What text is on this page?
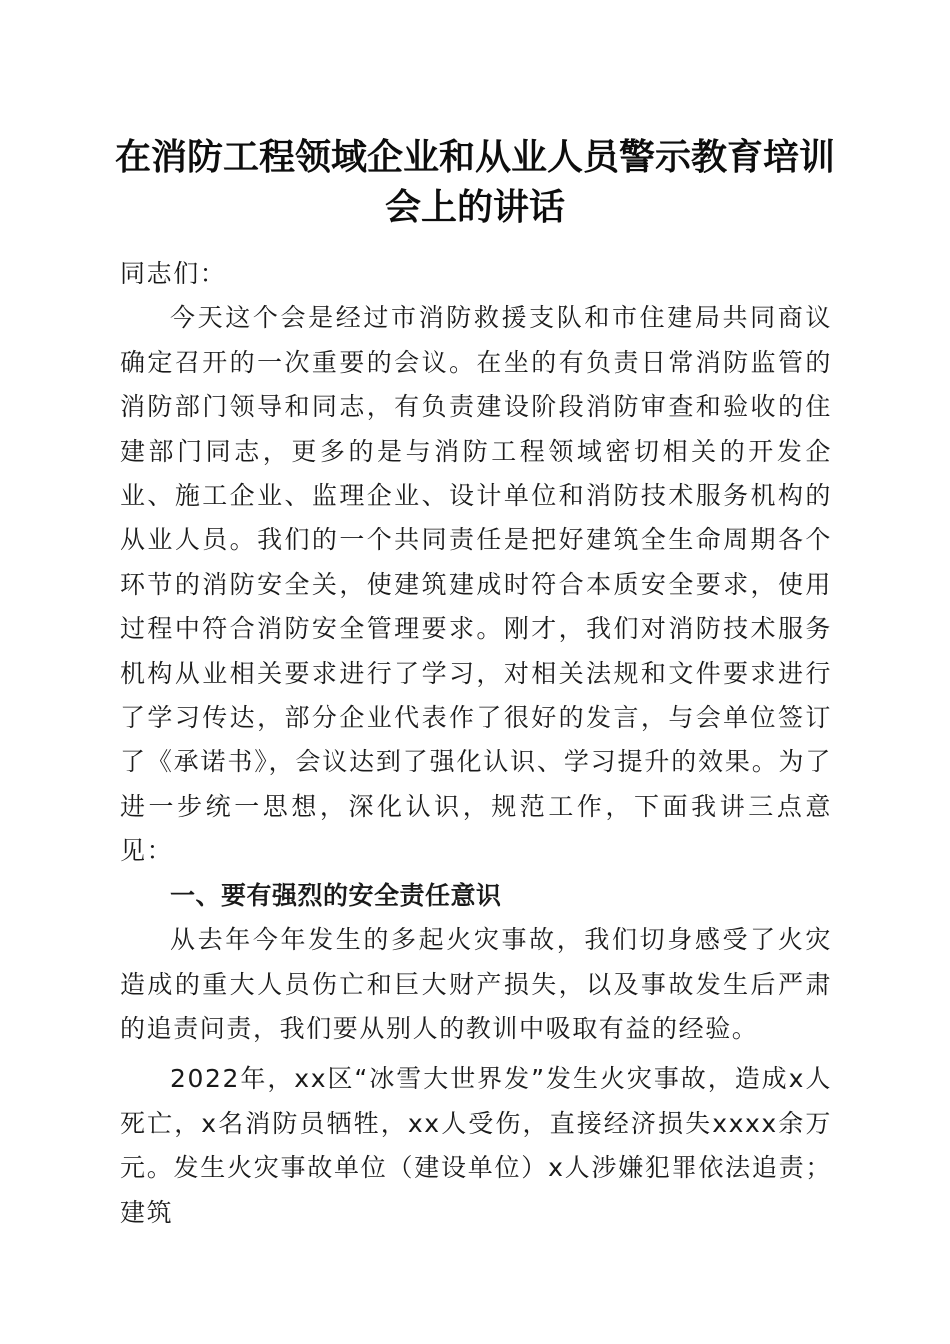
在消防工程领域企业和从业人员警示教育培训
会上的讲话

同志们：

今天这个会是经过市消防救援支队和市住建局共同商议确定召开的一次重要的会议。在坐的有负责日常消防监管的消防部门领导和同志，有负责建设阶段消防审查和验收的住建部门同志，更多的是与消防工程领域密切相关的开发企业、施工企业、监理企业、设计单位和消防技术服务机构的从业人员。我们的一个共同责任是把好建筑全生命周期各个环节的消防安全关，使建筑建成时符合本质安全要求，使用过程中符合消防安全管理要求。刚才，我们对消防技术服务机构从业相关要求进行了学习，对相关法规和文件要求进行了学习传达，部分企业代表作了很好的发言，与会单位签订了《承诺书》，会议达到了强化认识、学习提升的效果。为了进一步统一思想，深化认识，规范工作，下面我讲三点意见：

一、要有强烈的安全责任意识

从去年今年发生的多起火灾事故，我们切身感受了火灾造成的重大人员伤亡和巨大财产损失，以及事故发生后严肃的追责问责，我们要从别人的教训中吸取有益的经验。

2022年，xx区“冰雪大世界发”发生火灾事故，造成x人死亡，x名消防员牺牲，xx人受伤，直接经济损失xxxx余万元。发生火灾事故单位（建设单位）x人涉嫌犯罪依法追责；建筑
